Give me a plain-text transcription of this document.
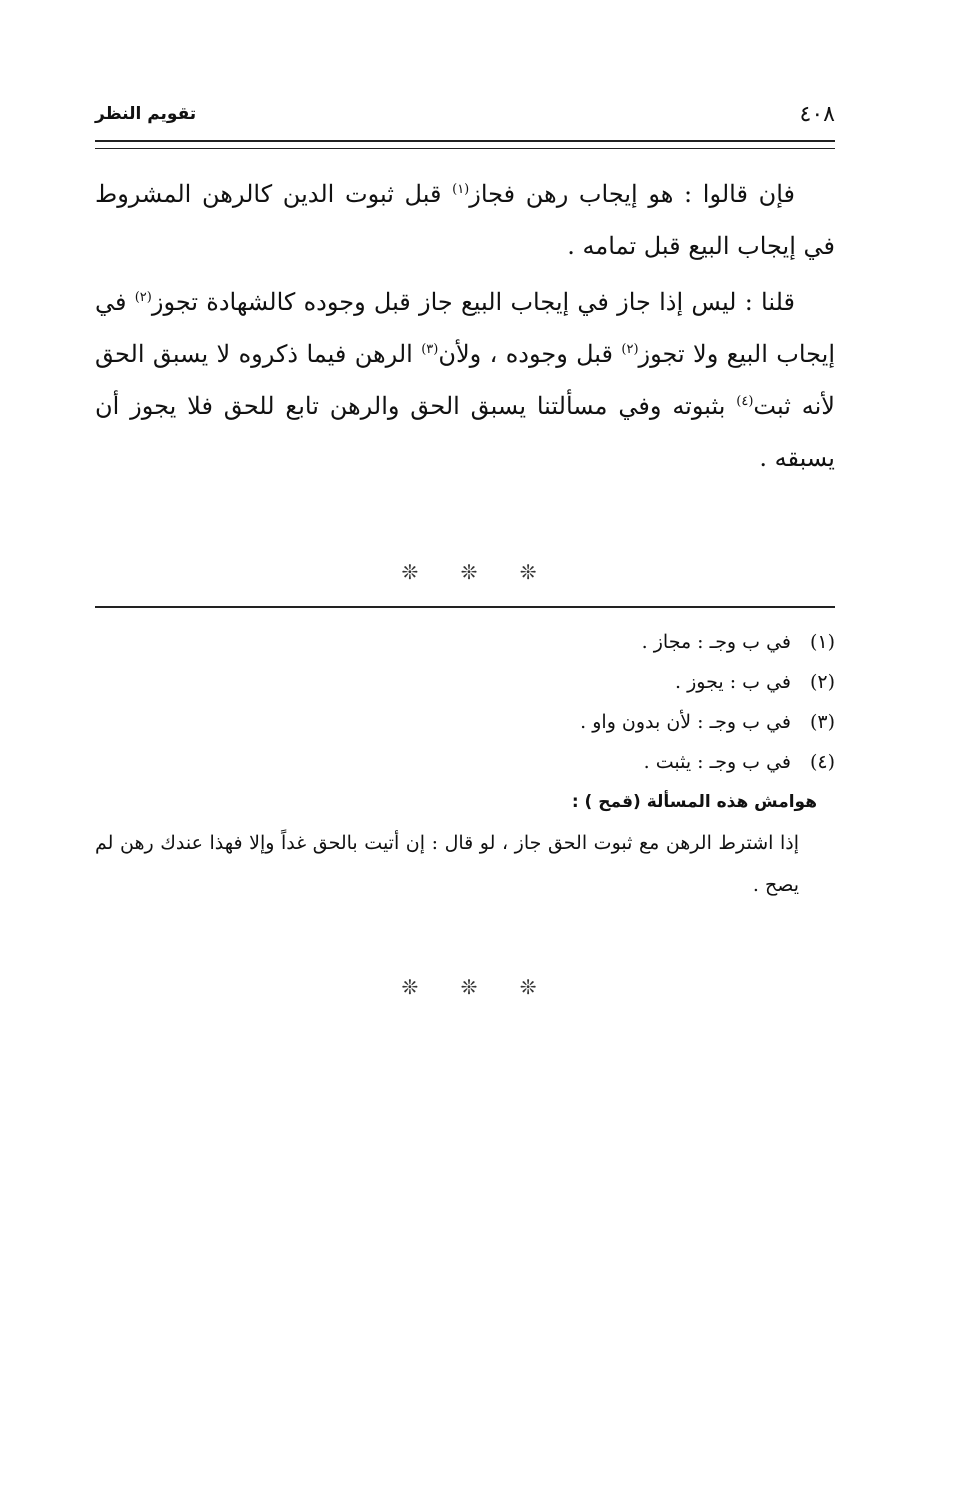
٤٠٨
تقويم النظر

فإن قالوا : هو إيجاب رهن فجاز$^{(١)}$ قبل ثبوت الدين كالرهن المشروط في إيجاب البيع قبل تمامه .

قلنا : ليس إذا جاز في إيجاب البيع جاز قبل وجوده كالشهادة تجوز$^{(٢)}$ في إيجاب البيع ولا تجوز$^{(٢)}$ قبل وجوده ، ولأن$^{(٣)}$ الرهن فيما ذكروه لا يسبق الحق لأنه ثبت$^{(٤)}$ بثبوته وفي مسألتنا يسبق الحق والرهن تابع للحق فلا يجوز أن يسبقه .

❊ ❊ ❊
(١)
في ب وجـ : مجاز .
(٢)
في ب : يجوز .
(٣)
في ب وجـ : لأن بدون واو .
(٤)
في ب وجـ : يثبت .
هوامش هذه المسألة (قمح ) :
إذا اشترط الرهن مع ثبوت الحق جاز ، لو قال : إن أتيت بالحق غداً وإلا فهذا عندك رهن لم يصح .
❊ ❊ ❊
